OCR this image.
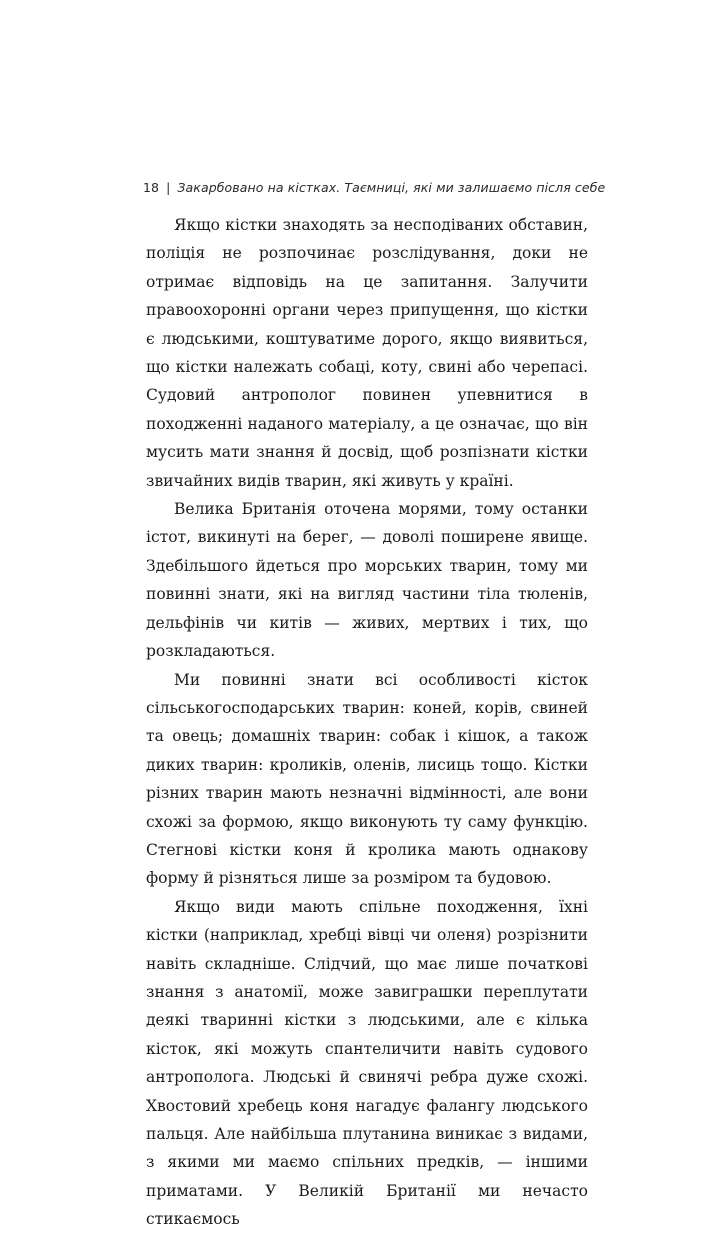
18 | Закарбовано на кістках. Таємниці, які ми залишаємо після себе

Якщо кістки знаходять за несподіваних обставин, поліція не розпочинає розслідування, доки не отримає відповідь на це запитання. Залучити правоохоронні органи через припущення, що кістки є людськими, коштуватиме дорого, якщо виявиться, що кістки належать собаці, коту, свині або черепасі. Судовий антрополог повинен упевнитися в походженні наданого матеріалу, а це означає, що він мусить мати знання й досвід, щоб розпізнати кістки звичайних видів тварин, які живуть у країні.

Велика Британія оточена морями, тому останки істот, викинуті на берег, — доволі поширене явище. Здебільшого йдеться про морських тварин, тому ми повинні знати, які на вигляд частини тіла тюленів, дельфінів чи китів — живих, мертвих і тих, що розкладаються.

Ми повинні знати всі особливості кісток сільськогосподарських тварин: коней, корів, свиней та овець; домашніх тварин: собак і кішок, а також диких тварин: кроликів, оленів, лисиць тощо. Кістки різних тварин мають незначні відмінності, але вони схожі за формою, якщо виконують ту саму функцію. Стегнові кістки коня й кролика мають однакову форму й різняться лише за розміром та будовою.

Якщо види мають спільне походження, їхні кістки (наприклад, хребці вівці чи оленя) розрізнити навіть складніше. Слідчий, що має лише початкові знання з анатомії, може завиграшки переплутати деякі тваринні кістки з людськими, але є кілька кісток, які можуть спантеличити навіть судового антрополога. Людські й свинячі ребра дуже схожі. Хвостовий хребець коня нагадує фалангу людського пальця. Але найбільша плутанина виникає з видами, з якими ми маємо спільних предків, — іншими приматами. У Великій Британії ми нечасто стикаємось
